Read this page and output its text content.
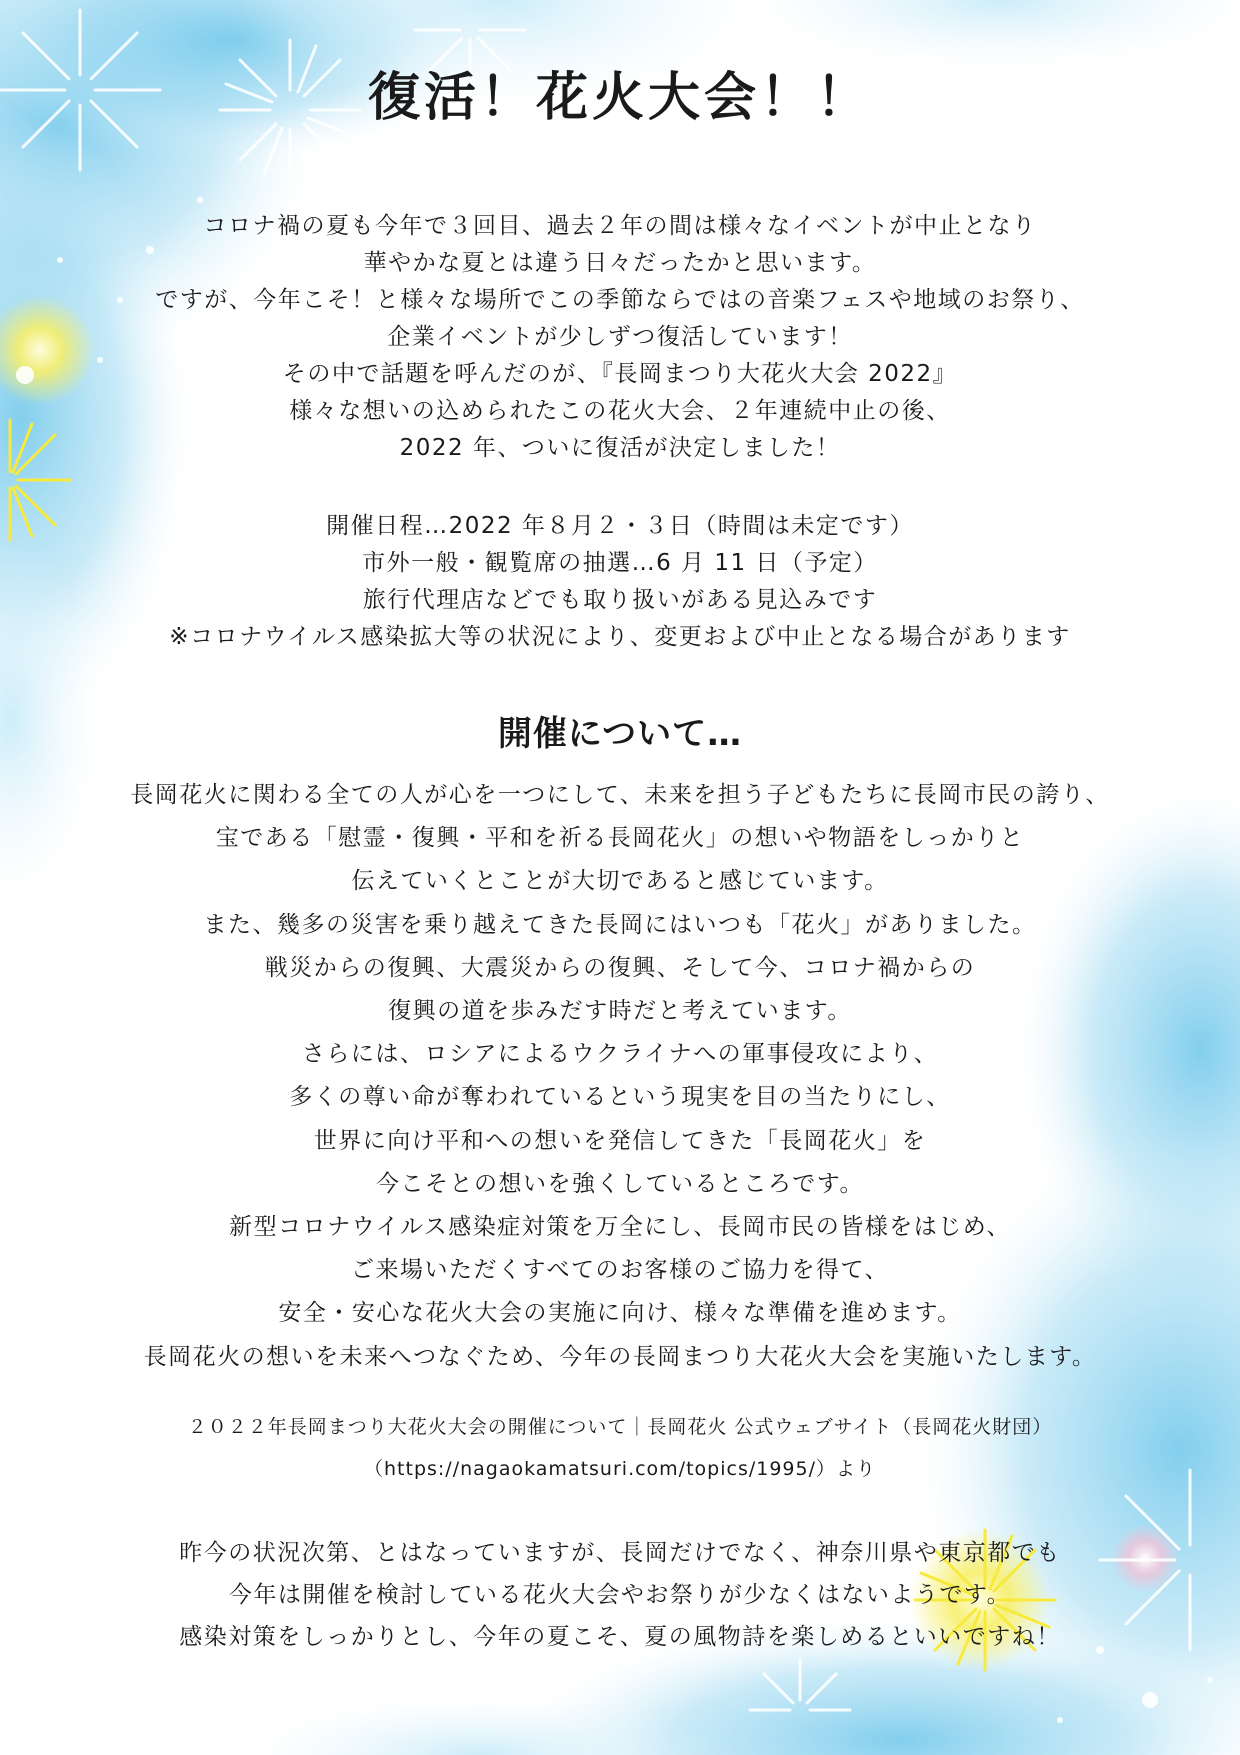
復活！花火大会！！

コロナ禍の夏も今年で３回目、過去２年の間は様々なイベントが中止となり

華やかな夏とは違う日々だったかと思います。

ですが、今年こそ！と様々な場所でこの季節ならではの音楽フェスや地域のお祭り、

企業イベントが少しずつ復活しています！

その中で話題を呼んだのが、『長岡まつり大花火大会 2022』

様々な想いの込められたこの花火大会、２年連続中止の後、

2022 年、ついに復活が決定しました！

開催日程…2022 年８月２・３日（時間は未定です）

市外一般・観覧席の抽選…6 月 11 日（予定）

旅行代理店などでも取り扱いがある見込みです

※コロナウイルス感染拡大等の状況により、変更および中止となる場合があります

開催について…

長岡花火に関わる全ての人が心を一つにして、未来を担う子どもたちに長岡市民の誇り、

宝である「慰霊・復興・平和を祈る長岡花火」の想いや物語をしっかりと

伝えていくとことが大切であると感じています。

また、幾多の災害を乗り越えてきた長岡にはいつも「花火」がありました。

戦災からの復興、大震災からの復興、そして今、コロナ禍からの

復興の道を歩みだす時だと考えています。

さらには、ロシアによるウクライナへの軍事侵攻により、

多くの尊い命が奪われているという現実を目の当たりにし、

世界に向け平和への想いを発信してきた「長岡花火」を

今こそとの想いを強くしているところです。

新型コロナウイルス感染症対策を万全にし、長岡市民の皆様をはじめ、

ご来場いただくすべてのお客様のご協力を得て、

安全・安心な花火大会の実施に向け、様々な準備を進めます。

長岡花火の想いを未来へつなぐため、今年の長岡まつり大花火大会を実施いたします。

２０２２年長岡まつり大花火大会の開催について｜長岡花火 公式ウェブサイト（長岡花火財団）

（https://nagaokamatsuri.com/topics/1995/）より

昨今の状況次第、とはなっていますが、長岡だけでなく、神奈川県や東京都でも

今年は開催を検討している花火大会やお祭りが少なくはないようです。

感染対策をしっかりとし、今年の夏こそ、夏の風物詩を楽しめるといいですね！
